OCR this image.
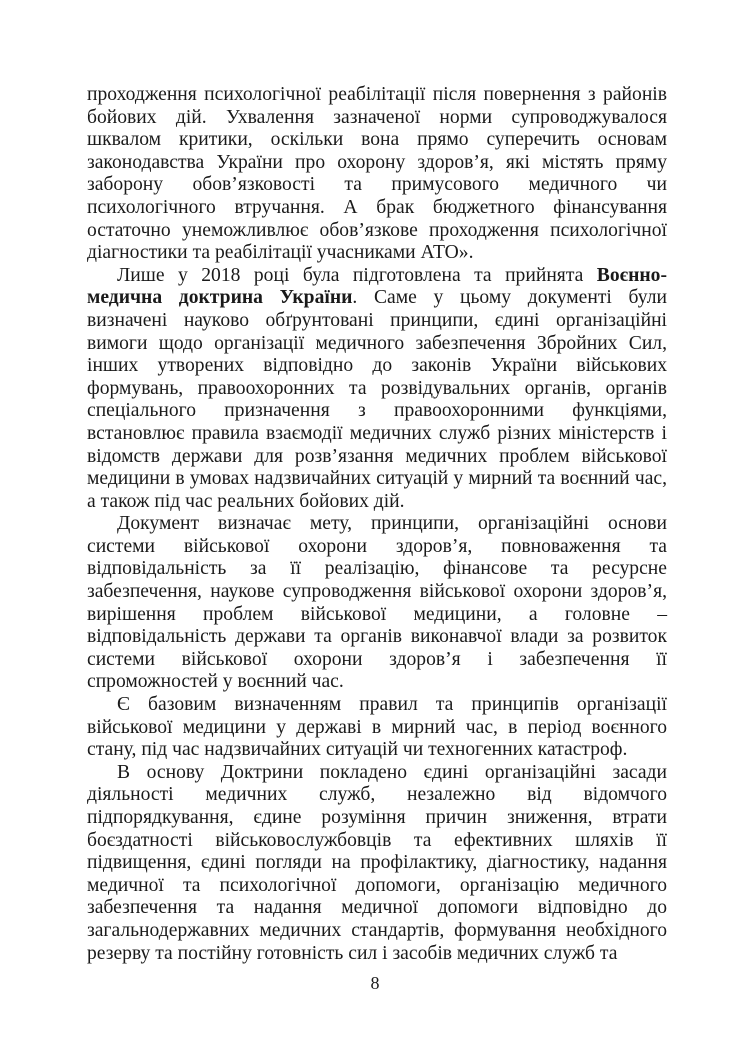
проходження психологічної реабілітації після повернення з районів бойових дій. Ухвалення зазначеної норми супроводжувалося шквалом критики, оскільки вона прямо суперечить основам законодавства України про охорону здоров’я, які містять пряму заборону обов’язковості та примусового медичного чи психологічного втручання. А брак бюджетного фінансування остаточно унеможливлює обов’язкове проходження психологічної діагностики та реабілітації учасниками АТО».

Лише у 2018 році була підготовлена та прийнята Воєнно-медична доктрина України. Саме у цьому документі були визначені науково обґрунтовані принципи, єдині організаційні вимоги щодо організації медичного забезпечення Збройних Сил, інших утворених відповідно до законів України військових формувань, правоохоронних та розвідувальних органів, органів спеціального призначення з правоохоронними функціями, встановлює правила взаємодії медичних служб різних міністерств і відомств держави для розв’язання медичних проблем військової медицини в умовах надзвичайних ситуацій у мирний та воєнний час, а також під час реальних бойових дій.

Документ визначає мету, принципи, організаційні основи системи військової охорони здоров’я, повноваження та відповідальність за її реалізацію, фінансове та ресурсне забезпечення, наукове супроводження військової охорони здоров’я, вирішення проблем військової медицини, а головне – відповідальність держави та органів виконавчої влади за розвиток системи військової охорони здоров’я і забезпечення її спроможностей у воєнний час.

Є базовим визначенням правил та принципів організації військової медицини у державі в мирний час, в період воєнного стану, під час надзвичайних ситуацій чи техногенних катастроф.

В основу Доктрини покладено єдині організаційні засади діяльності медичних служб, незалежно від відомчого підпорядкування, єдине розуміння причин зниження, втрати боєздатності військовослужбовців та ефективних шляхів її підвищення, єдині погляди на профілактику, діагностику, надання медичної та психологічної допомоги, організацію медичного забезпечення та надання медичної допомоги відповідно до загальнодержавних медичних стандартів, формування необхідного резерву та постійну готовність сил і засобів медичних служб та

8
